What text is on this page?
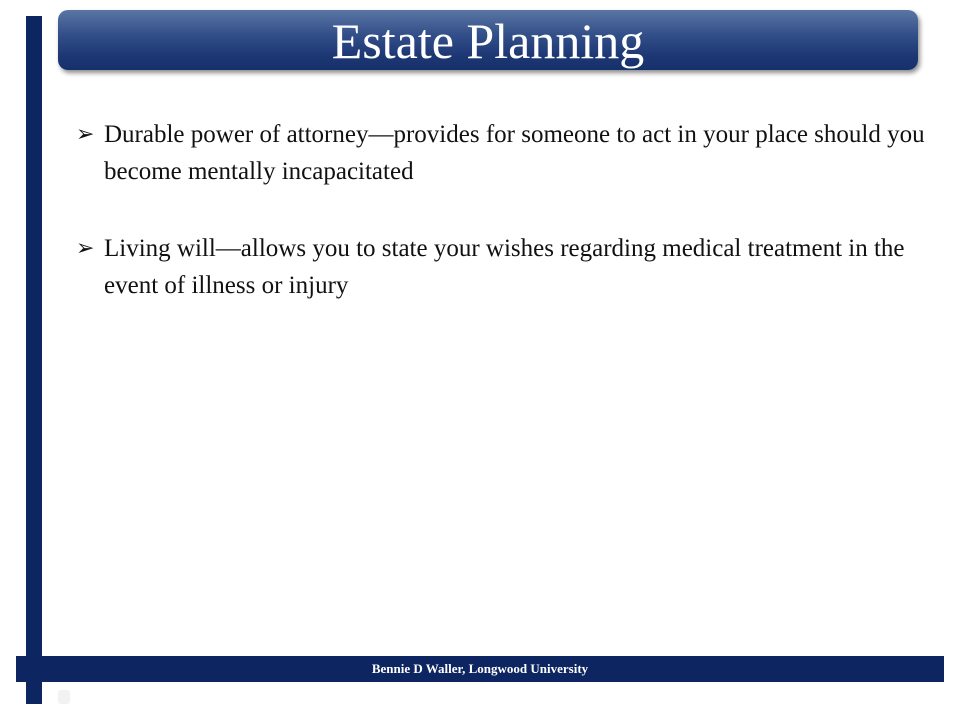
Estate Planning
➢ Durable power of attorney—provides for someone to act in your place should you become mentally incapacitated
➢ Living will—allows you to state your wishes regarding medical treatment in the event of illness or injury
Bennie D Waller, Longwood University
